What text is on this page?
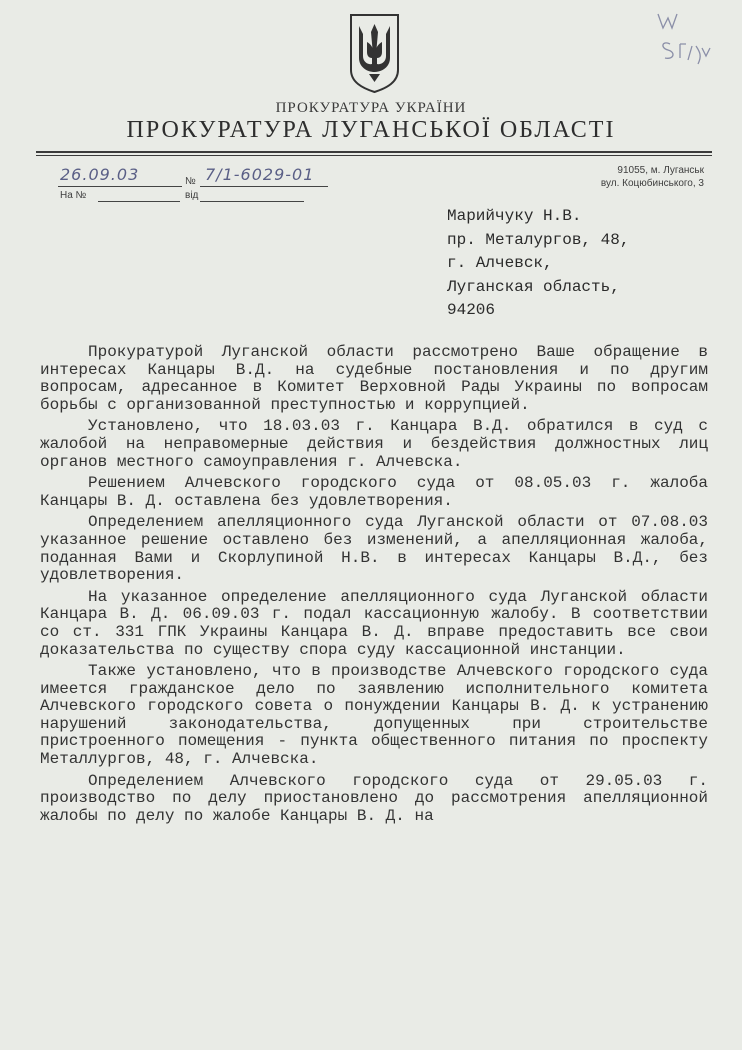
ПРОКУРАТУРА УКРАЇНИ
ПРОКУРАТУРА ЛУГАНСЬКОЇ ОБЛАСТІ
91055, м. Луганськ
вул. Коцюбинського, 3
26.09.03	№ 7/1-6029-01
На №	від
Марийчуку Н.В.
пр. Металургов, 48,
г. Алчевск,
Луганская область,
94206

Прокуратурой Луганской области рассмотрено Ваше обращение в интересах Канцары В.Д. на судебные постановления и по другим вопросам, адресанное в Комитет Верховной Рады Украины по вопросам борьбы с организованной преступностью и коррупцией.

Установлено, что 18.03.03 г. Канцара В.Д. обратился в суд с жалобой на неправомерные действия и бездействия должностных лиц органов местного самоуправления г. Алчевска.

Решением Алчевского городского суда от 08.05.03 г. жалоба Канцары В. Д. оставлена без удовлетворения.

Определением апелляционного суда Луганской области от 07.08.03 указанное решение оставлено без изменений, а апелляционная жалоба, поданная Вами и Скорлупиной Н.В. в интересах Канцары В.Д., без удовлетворения.

На указанное определение апелляционного суда Луганской области Канцара В. Д. 06.09.03 г. подал кассационную жалобу. В соответствии со ст. 331 ГПК Украины Канцара В. Д. вправе предоставить все свои доказательства по существу спора суду кассационной инстанции.

Также установлено, что в производстве Алчевского городского суда имеется гражданское дело по заявлению исполнительного комитета Алчевского городского совета о понуждении Канцары В. Д. к устранению нарушений законодательства, допущенных при строительстве пристроенного помещения - пункта общественного питания по проспекту Металлургов, 48, г. Алчевска.

Определением Алчевского городского суда от 29.05.03 г. производство по делу приостановлено до рассмотрения апелляционной жалобы по делу по жалобе Канцары В. Д. на
